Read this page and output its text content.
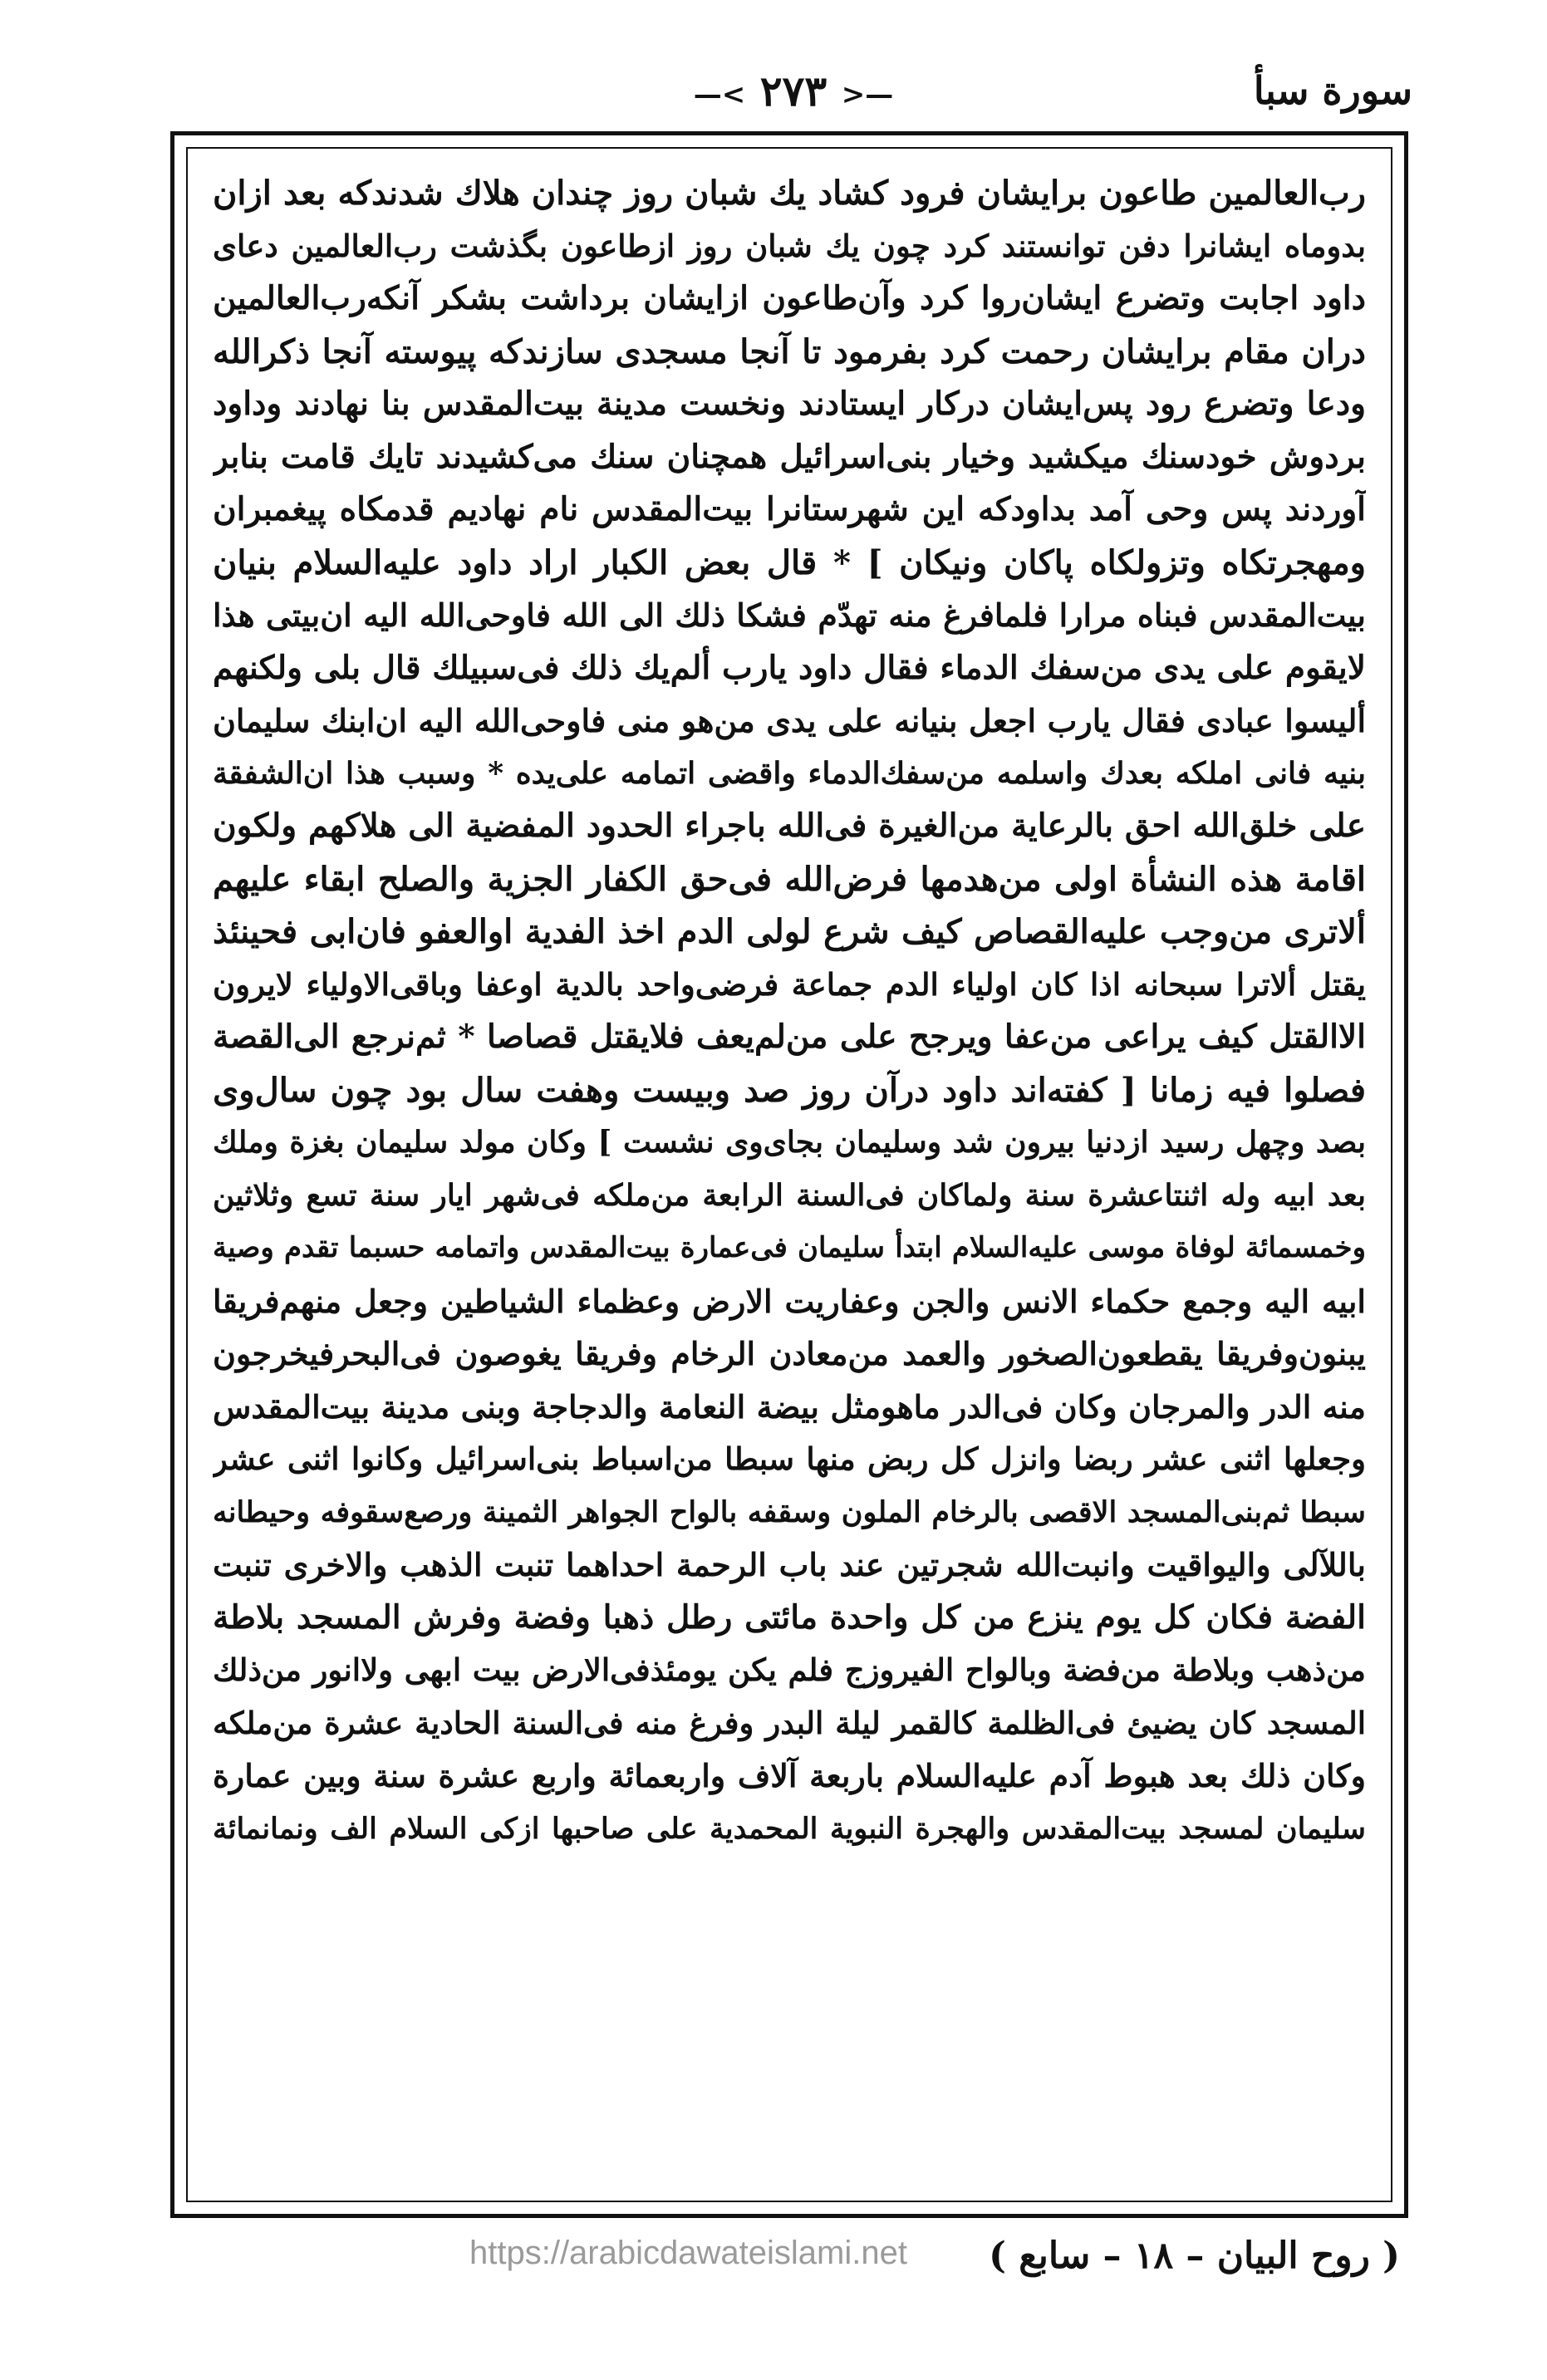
—< ۲۷۳ >—	سورة سبأ
رب‌العالمين طاعون برايشان فرود كشاد يك شبان روز چندان هلاك شدندكه بعد ازان
بدوماه ايشانرا دفن توانستند كرد چون يك شبان روز ازطاعون بگذشت رب‌العالمين دعاى
داود اجابت وتضرع ايشان‌روا كرد وآن‌طاعون ازايشان برداشت بشكر آنكه‌رب‌العالمين
دران مقام برايشان رحمت كرد بفرمود تا آنجا مسجدى سازندكه پيوسته آنجا ذكرالله
ودعا وتضرع رود پس‌ايشان دركار ايستادند ونخست مدينة بيت‌المقدس بنا نهادند وداود
بردوش خودسنك ميكشيد وخيار بنى‌اسرائيل همچنان سنك مى‌كشيدند تايك قامت بنابر
آوردند پس وحى آمد بداودكه اين شهرستانرا بيت‌المقدس نام نهاديم قدمكاه پيغمبران
ومهجرتكاه وتزولكاه پاكان ونيكان ] * قال بعض الكبار اراد داود عليه‌السلام بنيان
بيت‌المقدس فبناه مرارا فلمافرغ منه تهدّم فشكا ذلك الى الله فاوحى‌الله اليه ان‌بيتى هذا
لايقوم على يدى من‌سفك الدماء فقال داود يارب ألم‌يك ذلك فى‌سبيلك قال بلى ولكنهم
أليسوا عبادى فقال يارب اجعل بنيانه على يدى من‌هو منى فاوحى‌الله اليه ان‌ابنك سليمان
بنيه فانى املكه بعدك واسلمه من‌سفك‌الدماء واقضى اتمامه على‌يده * وسبب هذا ان‌الشفقة
على خلق‌الله احق بالرعاية من‌الغيرة فى‌الله باجراء الحدود المفضية الى هلاكهم ولكون
اقامة هذه النشأة اولى من‌هدمها فرض‌الله فى‌حق الكفار الجزية والصلح ابقاء عليهم
ألاترى من‌وجب عليه‌القصاص كيف شرع لولى الدم اخذ الفدية اوالعفو فان‌ابى فحينئذ
يقتل ألاترا سبحانه اذا كان اولياء الدم جماعة فرضى‌واحد بالدية اوعفا وباقى‌الاولياء لايرون
الاالقتل كيف يراعى من‌عفا ويرجح على من‌لم‌يعف فلايقتل قصاصا * ثم‌نرجع الى‌القصة
فصلوا فيه زمانا [ كفته‌اند داود درآن روز صد وبيست وهفت سال بود چون سال‌وى
بصد وچهل رسيد ازدنيا بيرون شد وسليمان بجاى‌وى نشست ] وكان مولد سليمان بغزة وملك
بعد ابيه وله اثنتاعشرة سنة ولماكان فى‌السنة الرابعة من‌ملكه فى‌شهر ايار سنة تسع وثلاثين
وخمسمائة لوفاة موسى عليه‌السلام ابتدأ سليمان فى‌عمارة بيت‌المقدس واتمامه حسبما تقدم وصية
ابيه اليه وجمع حكماء الانس والجن وعفاريت الارض وعظماء الشياطين وجعل منهم‌فريقا
يبنون‌وفريقا يقطعون‌الصخور والعمد من‌معادن الرخام وفريقا يغوصون فى‌البحرفيخرجون
منه الدر والمرجان وكان فى‌الدر ماهومثل بيضة النعامة والدجاجة وبنى مدينة بيت‌المقدس
وجعلها اثنى عشر ربضا وانزل كل ربض منها سبطا من‌اسباط بنى‌اسرائيل وكانوا اثنى عشر
سبطا ثم‌بنى‌المسجد الاقصى بالرخام الملون وسقفه بالواح الجواهر الثمينة ورصع‌سقوفه وحيطانه
باللآلى واليواقيت وانبت‌الله شجرتين عند باب الرحمة احداهما تنبت الذهب والاخرى تنبت
الفضة فكان كل يوم ينزع من كل واحدة مائتى رطل ذهبا وفضة وفرش المسجد بلاطة
من‌ذهب وبلاطة من‌فضة وبالواح الفيروزج فلم يكن يومئذفى‌الارض بيت ابهى ولاانور من‌ذلك
المسجد كان يضيئ فى‌الظلمة كالقمر ليلة البدر وفرغ منه فى‌السنة الحادية عشرة من‌ملكه
وكان ذلك بعد هبوط آدم عليه‌السلام باربعة آلاف واربعمائة واربع عشرة سنة وبين عمارة
سليمان لمسجد بيت‌المقدس والهجرة النبوية المحمدية على صاحبها ازكى السلام الف ونمانمائة
https://arabicdawateislami.net ( روح البيان – ۱۸ – سابع )
